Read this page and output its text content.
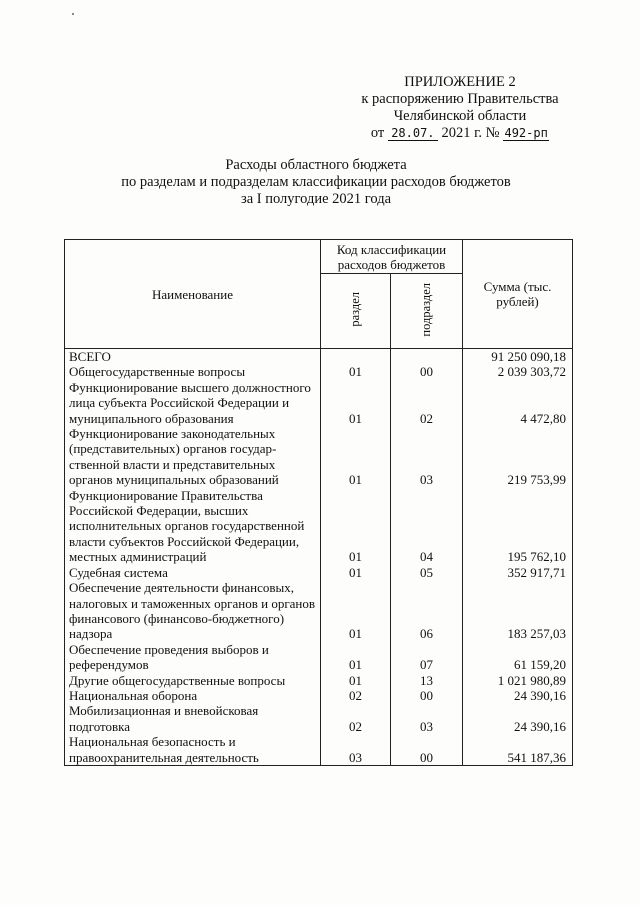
ПРИЛОЖЕНИЕ 2
к распоряжению Правительства
Челябинской области
от 28.07. 2021 г. № 492-рп
Расходы областного бюджета
по разделам и подразделам классификации расходов бюджетов
за I полугодие 2021 года
Наименование	Код классификации расходов бюджетов		Сумма (тыс. рублей)
	раздел	подраздел	
ВСЕГО			91 250 090,18
Общегосударственные вопросы	01	00	2 039 303,72
Функционирование высшего должностного лица субъекта Российской Федерации и муниципального образования	01	02	4 472,80
Функционирование законодательных (представительных) органов государственной власти и представительных органов муниципальных образований	01	03	219 753,99
Функционирование Правительства Российской Федерации, высших исполнительных органов государственной власти субъектов Российской Федерации, местных администраций	01	04	195 762,10
Судебная система	01	05	352 917,71
Обеспечение деятельности финансовых, налоговых и таможенных органов и органов финансового (финансово-бюджетного) надзора	01	06	183 257,03
Обеспечение проведения выборов и референдумов	01	07	61 159,20
Другие общегосударственные вопросы	01	13	1 021 980,89
Национальная оборона	02	00	24 390,16
Мобилизационная и вневойсковая подготовка	02	03	24 390,16
Национальная безопасность и правоохранительная деятельность	03	00	541 187,36
